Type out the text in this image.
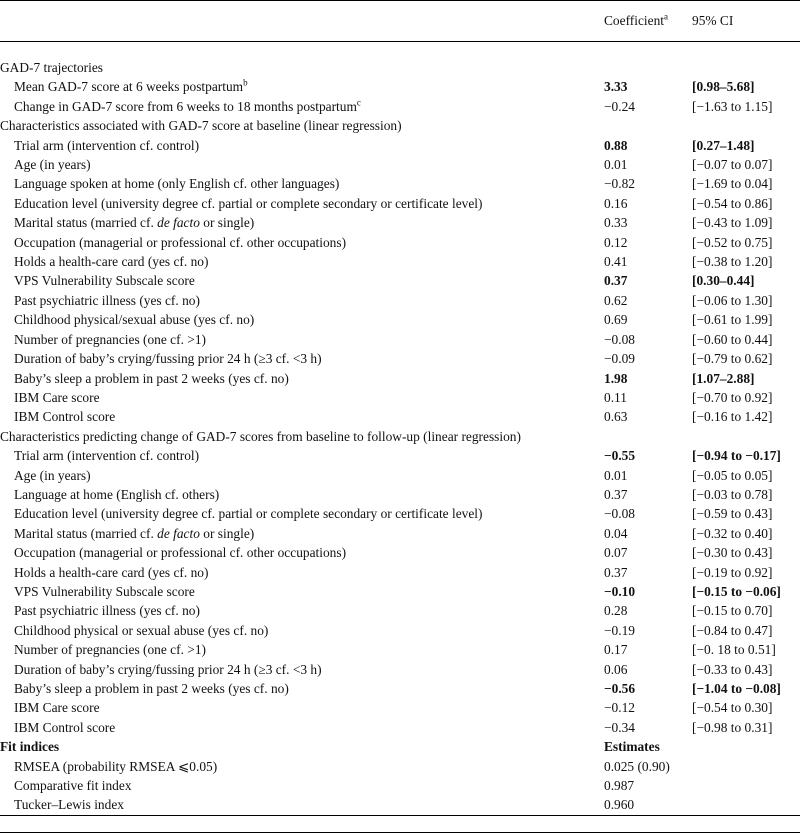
	Coefficient$^a$	95% CI

GAD-7 trajectories		
Mean GAD-7 score at 6 weeks postpartum$^b$	3.33	[0.98–5.68]
Change in GAD-7 score from 6 weeks to 18 months postpartum$^c$	−0.24	[−1.63 to 1.15]
Characteristics associated with GAD-7 score at baseline (linear regression)		
Trial arm (intervention cf. control)	0.88	[0.27–1.48]
Age (in years)	0.01	[−0.07 to 0.07]
Language spoken at home (only English cf. other languages)	−0.82	[−1.69 to 0.04]
Education level (university degree cf. partial or complete secondary or certificate level)	0.16	[−0.54 to 0.86]
Marital status (married cf. de facto or single)	0.33	[−0.43 to 1.09]
Occupation (managerial or professional cf. other occupations)	0.12	[−0.52 to 0.75]
Holds a health-care card (yes cf. no)	0.41	[−0.38 to 1.20]
VPS Vulnerability Subscale score	0.37	[0.30–0.44]
Past psychiatric illness (yes cf. no)	0.62	[−0.06 to 1.30]
Childhood physical/sexual abuse (yes cf. no)	0.69	[−0.61 to 1.99]
Number of pregnancies (one cf. >1)	−0.08	[−0.60 to 0.44]
Duration of baby’s crying/fussing prior 24 h (≥3 cf. <3 h)	−0.09	[−0.79 to 0.62]
Baby’s sleep a problem in past 2 weeks (yes cf. no)	1.98	[1.07–2.88]
IBM Care score	0.11	[−0.70 to 0.92]
IBM Control score	0.63	[−0.16 to 1.42]
Characteristics predicting change of GAD-7 scores from baseline to follow-up (linear regression)		
Trial arm (intervention cf. control)	−0.55	[−0.94 to −0.17]
Age (in years)	0.01	[−0.05 to 0.05]
Language at home (English cf. others)	0.37	[−0.03 to 0.78]
Education level (university degree cf. partial or complete secondary or certificate level)	−0.08	[−0.59 to 0.43]
Marital status (married cf. de facto or single)	0.04	[−0.32 to 0.40]
Occupation (managerial or professional cf. other occupations)	0.07	[−0.30 to 0.43]
Holds a health-care card (yes cf. no)	0.37	[−0.19 to 0.92]
VPS Vulnerability Subscale score	−0.10	[−0.15 to −0.06]
Past psychiatric illness (yes cf. no)	0.28	[−0.15 to 0.70]
Childhood physical or sexual abuse (yes cf. no)	−0.19	[−0.84 to 0.47]
Number of pregnancies (one cf. >1)	0.17	[−0. 18 to 0.51]
Duration of baby’s crying/fussing prior 24 h (≥3 cf. <3 h)	0.06	[−0.33 to 0.43]
Baby’s sleep a problem in past 2 weeks (yes cf. no)	−0.56	[−1.04 to −0.08]
IBM Care score	−0.12	[−0.54 to 0.30]
IBM Control score	−0.34	[−0.98 to 0.31]
Fit indices	Estimates	
RMSEA (probability RMSEA ⩽0.05)	0.025 (0.90)	
Comparative fit index	0.987	
Tucker–Lewis index	0.960	
